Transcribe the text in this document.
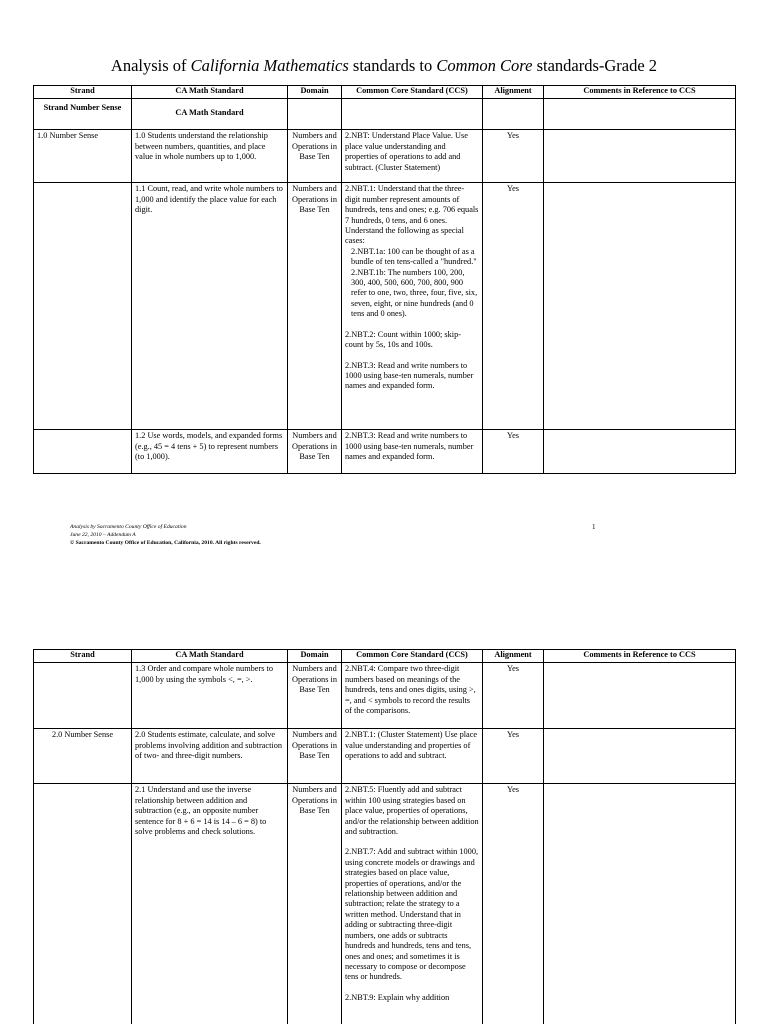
Analysis of California Mathematics standards to Common Core standards-Grade 2
Strand	CA Math Standard	Domain	Common Core Standard (CCS)	Alignment	Comments in Reference to CCS
Strand Number Sense	CA Math Standard				
1.0 Number Sense	1.0 Students understand the relationship between numbers, quantities, and place value in whole numbers up to 1,000.	Numbers and Operations in Base Ten	2.NBT: Understand Place Value. Use place value understanding and properties of operations to add and subtract. (Cluster Statement)	Yes	
	1.1 Count, read, and write whole numbers to 1,000 and identify the place value for each digit.	Numbers and Operations in Base Ten	2.NBT.1: Understand that the three-digit number represent amounts of hundreds, tens and ones; e.g. 706 equals 7 hundreds, 0 tens, and 6 ones. Understand the following as special cases:
2.NBT.1a: 100 can be thought of as a bundle of ten tens-called a "hundred."
2.NBT.1b: The numbers 100, 200, 300, 400, 500, 600, 700, 800, 900 refer to one, two, three, four, five, six, seven, eight, or nine hundreds (and 0 tens and 0 ones).
2.NBT.2: Count within 1000; skip-count by 5s, 10s and 100s.
2.NBT.3: Read and write numbers to 1000 using base-ten numerals, number names and expanded form.	Yes	
	1.2 Use words, models, and expanded forms (e.g., 45 = 4 tens + 5) to represent numbers (to 1,000).	Numbers and Operations in Base Ten	2.NBT.3: Read and write numbers to 1000 using base-ten numerals, number names and expanded form.	Yes	
Analysis by Sacramento County Office of Education
June 22, 2010 – Addendum A
© Sacramento County Office of Education, California, 2010. All rights reserved.
1
Strand	CA Math Standard	Domain	Common Core Standard (CCS)	Alignment	Comments in Reference to CCS
	1.3 Order and compare whole numbers to 1,000 by using the symbols <, =, >.	Numbers and Operations in Base Ten	2.NBT.4: Compare two three-digit numbers based on meanings of the hundreds, tens and ones digits, using >, =, and < symbols to record the results of the comparisons.	Yes	
2.0 Number Sense	2.0 Students estimate, calculate, and solve problems involving addition and subtraction of two- and three-digit numbers.	Numbers and Operations in Base Ten	2.NBT.1: (Cluster Statement) Use place value understanding and properties of operations to add and subtract.	Yes	
	2.1 Understand and use the inverse relationship between addition and subtraction (e.g., an opposite number sentence for 8 + 6 = 14 is 14 – 6 = 8) to solve problems and check solutions.	Numbers and Operations in Base Ten	2.NBT.5: Fluently add and subtract within 100 using strategies based on place value, properties of operations, and/or the relationship between addition and subtraction.
2.NBT.7: Add and subtract within 1000, using concrete models or drawings and strategies based on place value, properties of operations, and/or the relationship between addition and subtraction; relate the strategy to a written method. Understand that in adding or subtracting three-digit numbers, one adds or subtracts hundreds and hundreds, tens and tens, ones and ones; and sometimes it is necessary to compose or decompose tens or hundreds.
2.NBT.9: Explain why addition	Yes	
